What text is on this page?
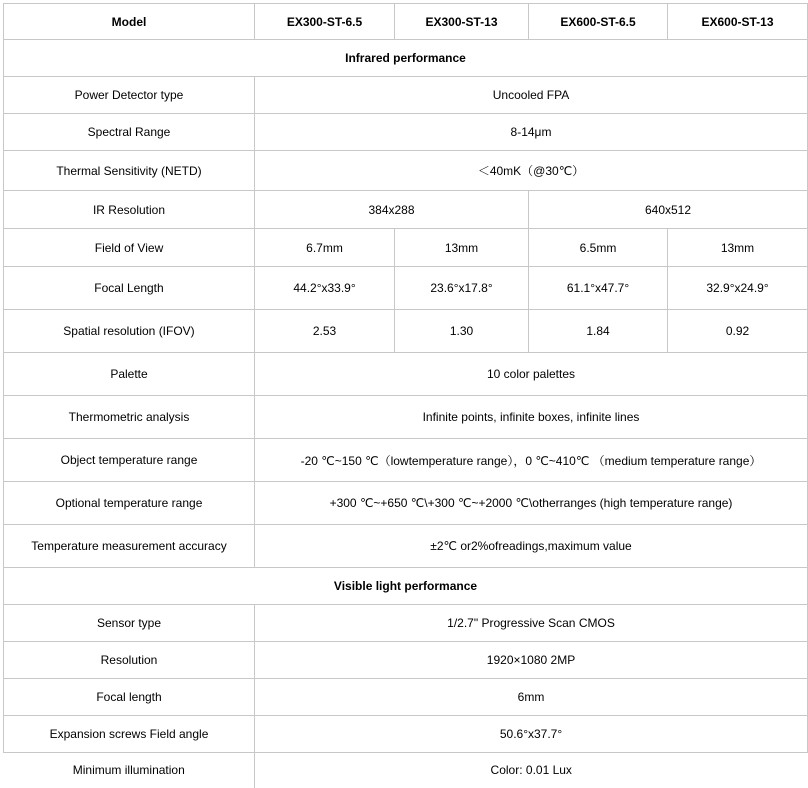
Model	EX300-ST-6.5	EX300-ST-13	EX600-ST-6.5	EX600-ST-13
Infrared performance				
Power Detector type	Uncooled FPA			
Spectral Range	8-14μm			
Thermal Sensitivity (NETD)	＜40mK（@30℃）			
IR Resolution	384x288		640x512	
Field of View	6.7mm	13mm	6.5mm	13mm
Focal Length	44.2°x33.9°	23.6°x17.8°	61.1°x47.7°	32.9°x24.9°
Spatial resolution (IFOV)	2.53	1.30	1.84	0.92
Palette	10 color palettes			
Thermometric analysis	Infinite points, infinite boxes, infinite lines			
Object temperature range	-20 ℃~150 ℃（lowtemperature range），0 ℃~410℃ （medium temperature range）			
Optional temperature range	+300 ℃~+650 ℃\+300 ℃~+2000 ℃\otherranges (high temperature range)			
Temperature measurement accuracy	±2℃ or2%ofreadings,maximum value			
Visible light performance				
Sensor type	1/2.7" Progressive Scan CMOS			
Resolution	1920×1080 2MP			
Focal length	6mm			
Expansion screws Field angle	50.6°x37.7°			
Minimum illumination	Color: 0.01 Lux			
